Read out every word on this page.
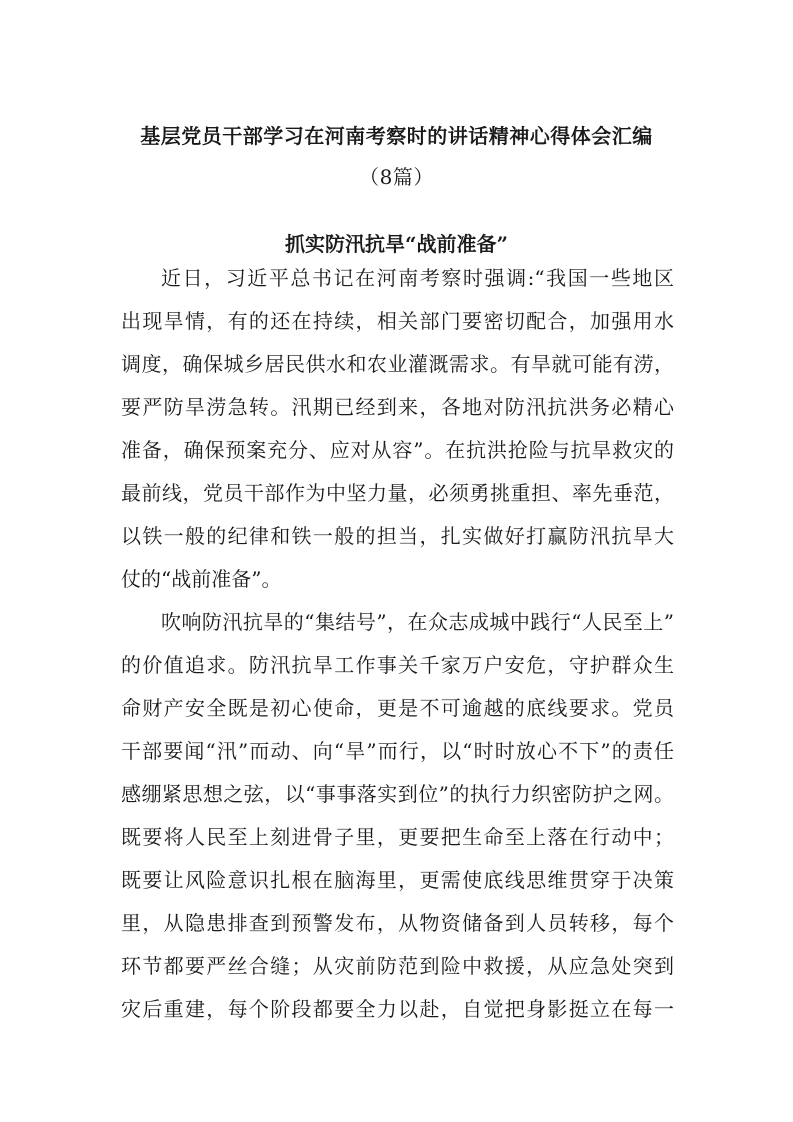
基层党员干部学习在河南考察时的讲话精神心得体会汇编
（8篇）
抓实防汛抗旱“战前准备”
近日，习近平总书记在河南考察时强调:“我国一些地区
出现旱情，有的还在持续，相关部门要密切配合，加强用水
调度，确保城乡居民供水和农业灌溉需求。有旱就可能有涝，
要严防旱涝急转。汛期已经到来，各地对防汛抗洪务必精心
准备，确保预案充分、应对从容”。在抗洪抢险与抗旱救灾的
最前线，党员干部作为中坚力量，必须勇挑重担、率先垂范，
以铁一般的纪律和铁一般的担当，扎实做好打赢防汛抗旱大
仗的“战前准备”。
吹响防汛抗旱的“集结号”，在众志成城中践行“人民至上”
的价值追求。防汛抗旱工作事关千家万户安危，守护群众生
命财产安全既是初心使命，更是不可逾越的底线要求。党员
干部要闻“汛”而动、向“旱”而行，以“时时放心不下”的责任
感绷紧思想之弦，以“事事落实到位”的执行力织密防护之网。
既要将人民至上刻进骨子里，更要把生命至上落在行动中；
既要让风险意识扎根在脑海里，更需使底线思维贯穿于决策
里，从隐患排查到预警发布，从物资储备到人员转移，每个
环节都要严丝合缝；从灾前防范到险中救援，从应急处突到
灾后重建，每个阶段都要全力以赴，自觉把身影挺立在每一
